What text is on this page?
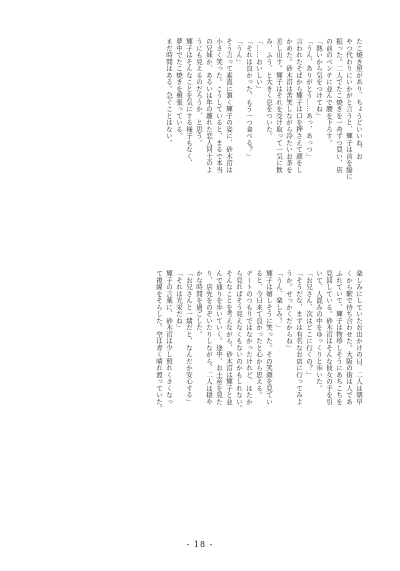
たこ焼き屋があり、ちょうどいいね、お

やつ代わりにいかがと言うと、輝子は首を縦に

振った。二人でたこ焼きを一舟ずつ買い、店

の前のベンチに並んで腰を下ろす。

「熱いから気をつけてね」

「うん、ありがとう……あっ、あっつ」

言われたそばから輝子は口を押さえて顔をし

かめた。砂木沼は苦笑しながら冷たいお茶を

差し出す。輝子はそれを受け取って一気に飲

み、ふう、と大きく息をついた。

「……おいしい」

「それは良かった。もう一つ食べる？」

「うん」

そう言って素直に頷く輝子の姿に、砂木沼は

小さく笑った。こうしていると、まるで本当

の兄妹か、あるいは年の離れた恋人同士のよ

うにも見えるのだろうか、と思う。

輝子はそんなことを気にする様子もなく、

夢中でたこ焼きを頬張っている。

まだ時間はある。急ぐことはない。

楽しみにしていたお出かけの日、二人は朝早

くから駅で待ち合わせた。大阪の街は人であ

ふれていて、輝子は物珍しそうにあちこちを

見回している。砂木沼はそんな彼女の手を引

いて、人混みの中をゆっくりと歩いた。

「お兄さん、次はどこに行くの？」

「そうだな、まずは有名なお店に行ってみよ

うか。せっかくだからね」

「うん、楽しみ！」

輝子は嬉しそうに笑った。その笑顔を見てい

ると、今日来て良かったと心から思える。

デートのつもりではなかったけれど、はたか

ら見ればそう見えなくもないのかもしれない。

そんなことを考えながら、砂木沼は輝子と並

んで通りを歩いていく。途中、お土産を見た

り、店先をのぞいたりしながら、二人は穏や

かな時間を過ごした。

「お兄さんと一緒だと、なんだか安心する」

「それは光栄だね」

輝子の言葉に、砂木沼は少し照れくさくなっ

て視線をそらした。空は青く晴れ渡っていた。

- 18 -
